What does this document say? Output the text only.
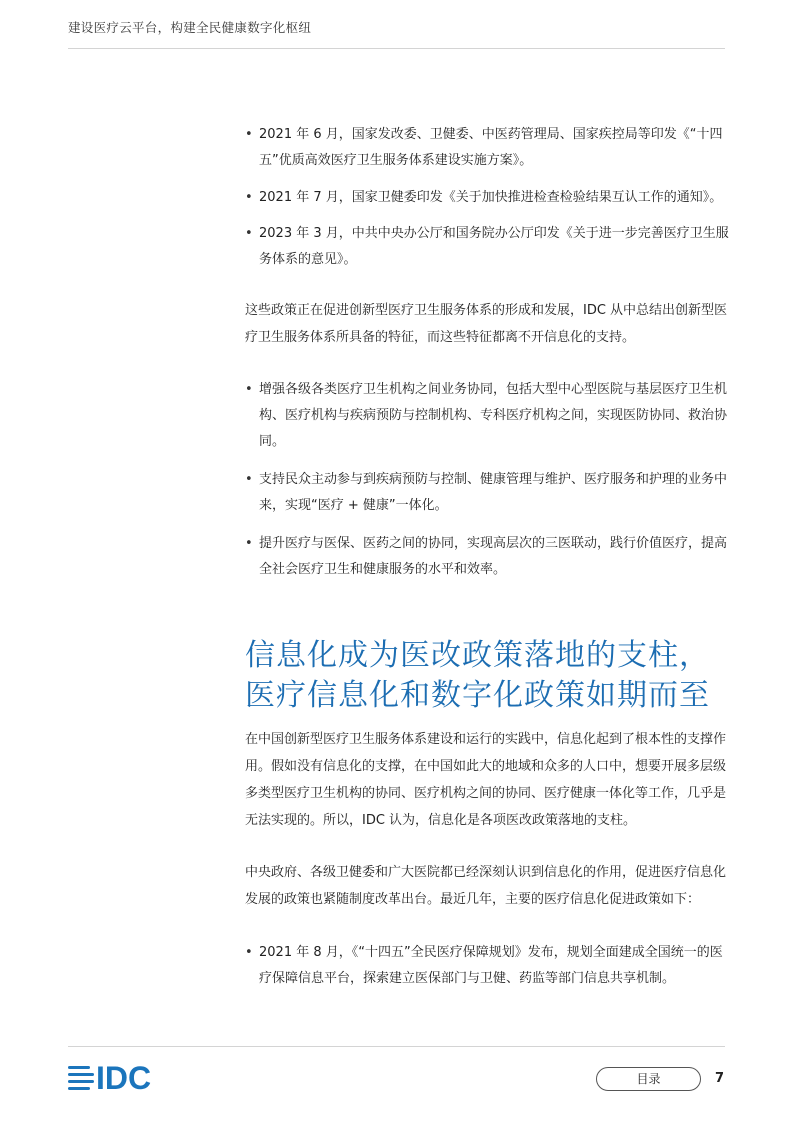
建设医疗云平台，构建全民健康数字化枢纽
• 2021 年 6 月，国家发改委、卫健委、中医药管理局、国家疾控局等印发《“十四五”优质高效医疗卫生服务体系建设实施方案》。
• 2021 年 7 月，国家卫健委印发《关于加快推进检查检验结果互认工作的通知》。
• 2023 年 3 月，中共中央办公厅和国务院办公厅印发《关于进一步完善医疗卫生服务体系的意见》。

这些政策正在促进创新型医疗卫生服务体系的形成和发展，IDC 从中总结出创新型医疗卫生服务体系所具备的特征，而这些特征都离不开信息化的支持。

• 增强各级各类医疗卫生机构之间业务协同，包括大型中心型医院与基层医疗卫生机构、医疗机构与疾病预防与控制机构、专科医疗机构之间，实现医防协同、救治协同。
• 支持民众主动参与到疾病预防与控制、健康管理与维护、医疗服务和护理的业务中来，实现“医疗 + 健康”一体化。
• 提升医疗与医保、医药之间的协同，实现高层次的三医联动，践行价值医疗，提高全社会医疗卫生和健康服务的水平和效率。
信息化成为医改政策落地的支柱，
医疗信息化和数字化政策如期而至

在中国创新型医疗卫生服务体系建设和运行的实践中，信息化起到了根本性的支撑作用。假如没有信息化的支撑，在中国如此大的地域和众多的人口中，想要开展多层级多类型医疗卫生机构的协同、医疗机构之间的协同、医疗健康一体化等工作，几乎是无法实现的。所以，IDC 认为，信息化是各项医改政策落地的支柱。

中央政府、各级卫健委和广大医院都已经深刻认识到信息化的作用，促进医疗信息化发展的政策也紧随制度改革出台。最近几年，主要的医疗信息化促进政策如下：

• 2021 年 8 月，《“十四五”全民医疗保障规划》发布，规划全面建成全国统一的医疗保障信息平台，探索建立医保部门与卫健、药监等部门信息共享机制。
IDC	目录	7
